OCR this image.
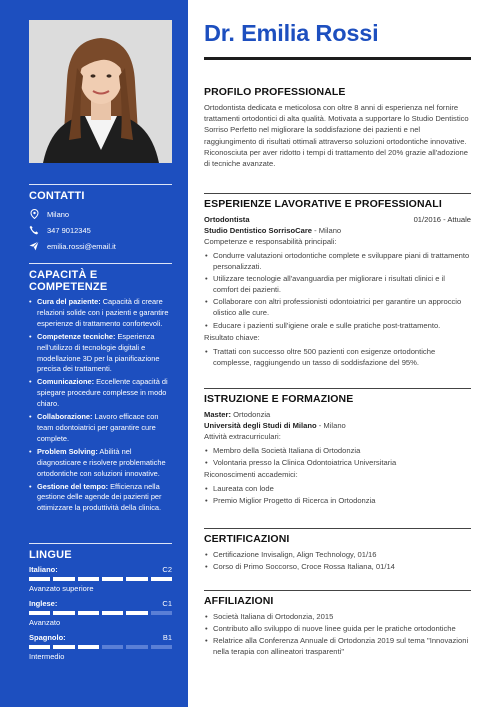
CONTATTI
Milano
347 9012345
emilia.rossi@email.it
CAPACITÀ E COMPETENZE
• Cura del paziente: Capacità di creare relazioni solide con i pazienti e garantire esperienze di trattamento confortevoli.
• Competenze tecniche: Esperienza nell'utilizzo di tecnologie digitali e modellazione 3D per la pianificazione precisa dei trattamenti.
• Comunicazione: Eccellente capacità di spiegare procedure complesse in modo chiaro.
• Collaborazione: Lavoro efficace con team odontoiatrici per garantire cure complete.
• Problem Solving: Abilità nel diagnosticare e risolvere problematiche ortodontiche con soluzioni innovative.
• Gestione del tempo: Efficienza nella gestione delle agende dei pazienti per ottimizzare la produttività della clinica.
LINGUE
Italiano:	C2
Avanzato superiore
Inglese:	C1
Avanzato
Spagnolo:	B1
Intermedio
Dr. Emilia Rossi
PROFILO PROFESSIONALE
Ortodontista dedicata e meticolosa con oltre 8 anni di esperienza nel fornire trattamenti ortodontici di alta qualità. Motivata a supportare lo Studio Dentistico Sorriso Perfetto nel migliorare la soddisfazione dei pazienti e nel raggiungimento di risultati ottimali attraverso soluzioni ortodontiche innovative. Riconosciuta per aver ridotto i tempi di trattamento del 20% grazie all'adozione di tecniche avanzate.
ESPERIENZE LAVORATIVE E PROFESSIONALI
Ortodontista	01/2016 - Attuale
Studio Dentistico SorrisoCare - Milano
Competenze e responsabilità principali:
• Condurre valutazioni ortodontiche complete e sviluppare piani di trattamento personalizzati.
• Utilizzare tecnologie all'avanguardia per migliorare i risultati clinici e il comfort dei pazienti.
• Collaborare con altri professionisti odontoiatrici per garantire un approccio olistico alle cure.
• Educare i pazienti sull'igiene orale e sulle pratiche post-trattamento.
Risultato chiave:
• Trattati con successo oltre 500 pazienti con esigenze ortodontiche complesse, raggiungendo un tasso di soddisfazione del 95%.
ISTRUZIONE E FORMAZIONE
Master: Ortodonzia
Università degli Studi di Milano - Milano
Attività extracurriculari:
• Membro della Società Italiana di Ortodonzia
• Volontaria presso la Clinica Odontoiatrica Universitaria
Riconoscimenti accademici:
• Laureata con lode
• Premio Miglior Progetto di Ricerca in Ortodonzia
CERTIFICAZIONI
• Certificazione Invisalign, Align Technology, 01/16
• Corso di Primo Soccorso, Croce Rossa Italiana, 01/14
AFFILIAZIONI
• Società Italiana di Ortodonzia, 2015
• Contributo allo sviluppo di nuove linee guida per le pratiche ortodontiche
• Relatrice alla Conferenza Annuale di Ortodonzia 2019 sul tema "Innovazioni nella terapia con allineatori trasparenti"
